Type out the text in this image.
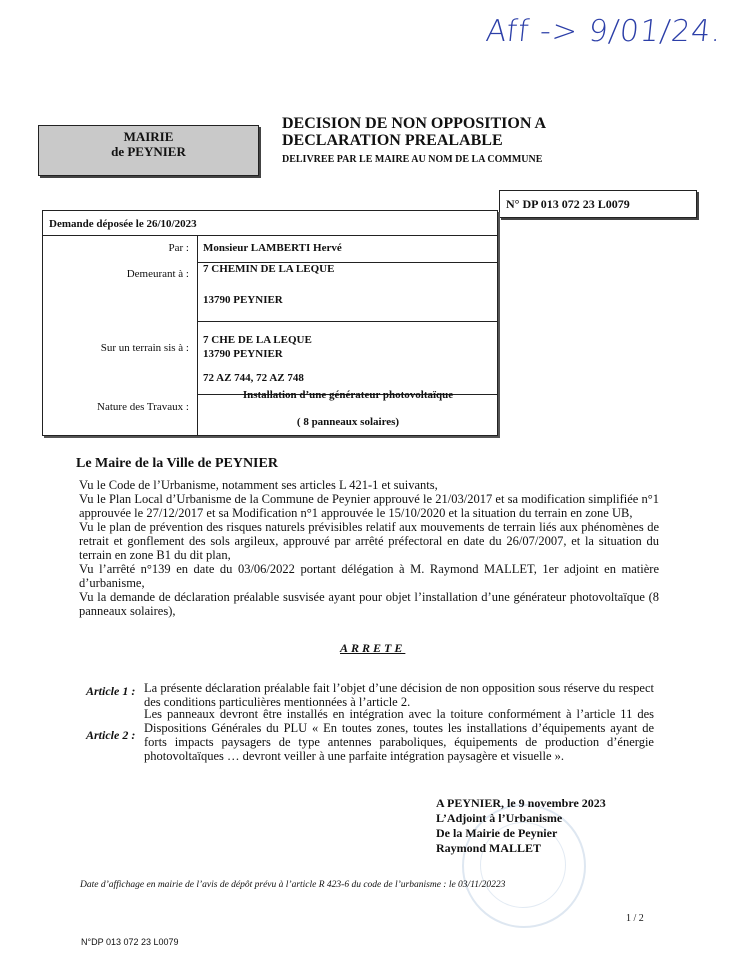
Aff -> 9/01/24.
MAIRIE
de PEYNIER
DECISION DE NON OPPOSITION A
DECLARATION PREALABLE
DELIVREE PAR LE MAIRE AU NOM DE LA COMMUNE
N° DP 013 072 23 L0079
Demande déposée le 26/10/2023
Par : Monsieur LAMBERTI Hervé
Demeurant à : 7 CHEMIN DE LA LEQUE
13790 PEYNIER
Sur un terrain sis à :
7 CHE DE LA LEQUE
13790 PEYNIER
72 AZ 744, 72 AZ 748
Nature des Travaux :
Installation d’une générateur photovoltaïque
( 8 panneaux solaires)
Le Maire de la Ville de PEYNIER
Vu le Code de l’Urbanisme, notamment ses articles L 421-1 et suivants,
Vu le Plan Local d’Urbanisme de la Commune de Peynier approuvé le 21/03/2017 et sa modification simplifiée n°1 approuvée le 27/12/2017 et sa Modification n°1 approuvée le 15/10/2020 et la situation du terrain en zone UB,
Vu le plan de prévention des risques naturels prévisibles relatif aux mouvements de terrain liés aux phénomènes de retrait et gonflement des sols argileux, approuvé par arrêté préfectoral en date du 26/07/2007, et la situation du terrain en zone B1 du dit plan,
Vu l’arrêté n°139 en date du 03/06/2022 portant délégation à M. Raymond MALLET, 1er adjoint en matière d’urbanisme,
Vu la demande de déclaration préalable susvisée ayant pour objet l’installation d’une générateur photovoltaïque (8 panneaux solaires),
ARRETE
Article 1 : La présente déclaration préalable fait l’objet d’une décision de non opposition sous réserve du respect des conditions particulières mentionnées à l’article 2.
Article 2 :
Les panneaux devront être installés en intégration avec la toiture conformément à l’article 11 des Dispositions Générales du PLU « En toutes zones, toutes les installations d’équipements ayant de forts impacts paysagers de type antennes paraboliques, équipements de production d’énergie photovoltaïques … devront veiller à une parfaite intégration paysagère et visuelle ».
A PEYNIER, le 9 novembre 2023
L’Adjoint à l’Urbanisme
De la Mairie de Peynier
Raymond MALLET
Date d’affichage en mairie de l’avis de dépôt prévu à l’article R 423-6 du code de l’urbanisme : le 03/11/20223
1 / 2
N°DP 013 072 23 L0079
